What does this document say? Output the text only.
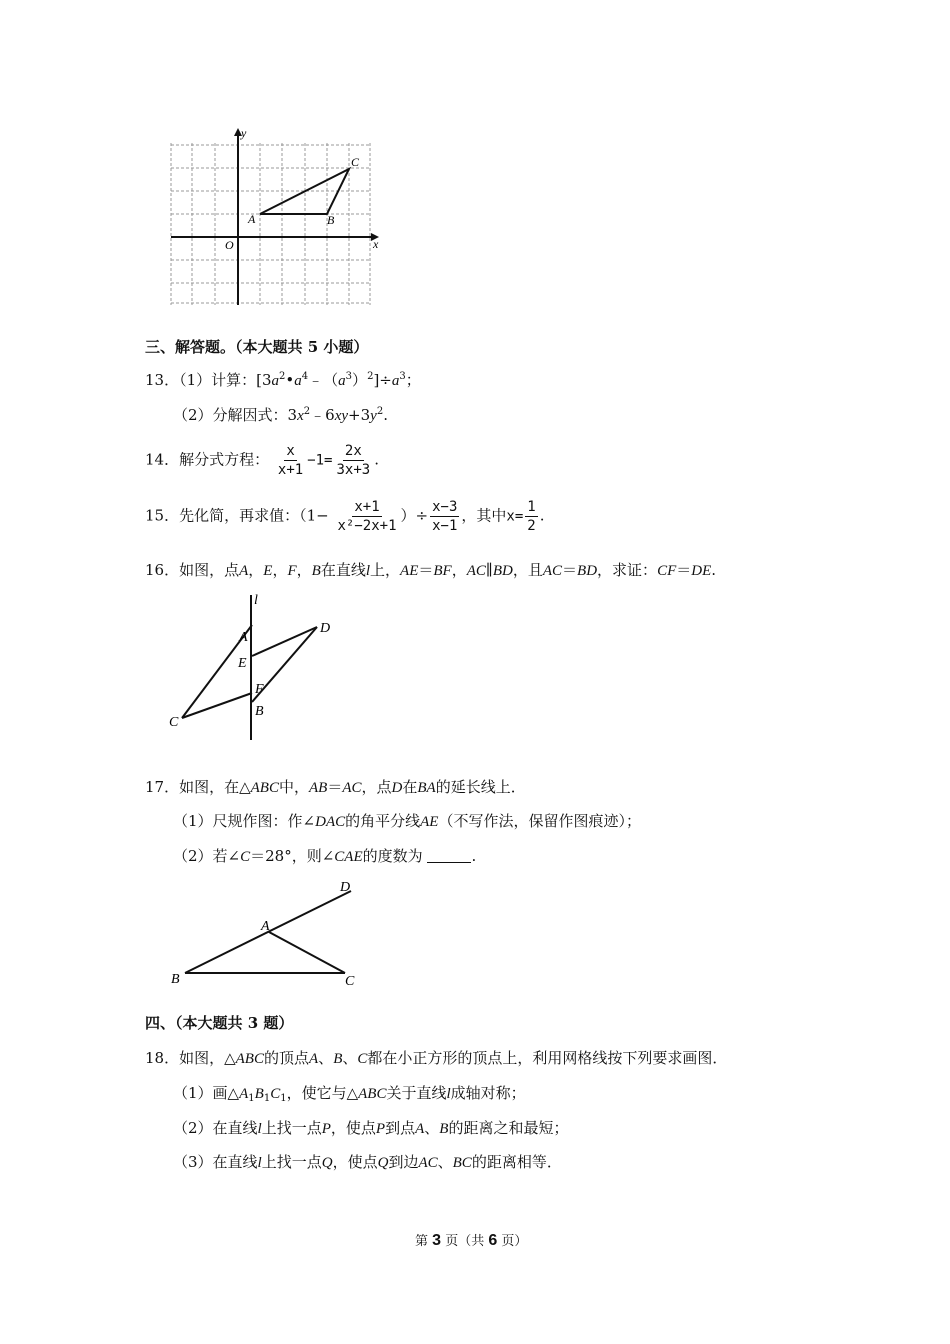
y
x
O
A	B
C
三、解答题。（本大题共 5 小题）
13．（1）计算：$[3a^2•a^4﹣(a^3)^2]\div a^3$；
（2）分解因式：$3x^2﹣6xy+3y^2$.
14．解分式方程： $\frac{x}{x+1} -1= \frac{2x}{3x+3}$ .
15．先化简，再求值：（$1- \frac{x+1}{\text{x²−2x+1}}$ ）÷ $\frac{x-3}{x-1}$ ，其中$x= \frac{1}{2}$ .
16．如图，点A，E，F，B在直线l上，AE＝BF，AC∥BD，且AC＝BD，求证：CF＝DE.
l
A
D
E
F
B
C
17．如图，在△ABC中，AB＝AC，点D在BA的延长线上．
（1）尺规作图：作∠DAC的角平分线AE（不写作法，保留作图痕迹）；
（2）若∠C＝28°，则∠CAE的度数为	.
D
A
B	C
四、（本大题共 3 题）
18．如图，△ABC的顶点A、B、C都在小正方形的顶点上，利用网格线按下列要求画图．
（1）画$\triangle A_1B_1C_1$，使它与△ABC关于直线l成轴对称；
（2）在直线l上找一点P，使点P到点A、B的距离之和最短；
（3）在直线l上找一点Q，使点Q到边AC、BC的距离相等．
第 3 页（共 6 页）
